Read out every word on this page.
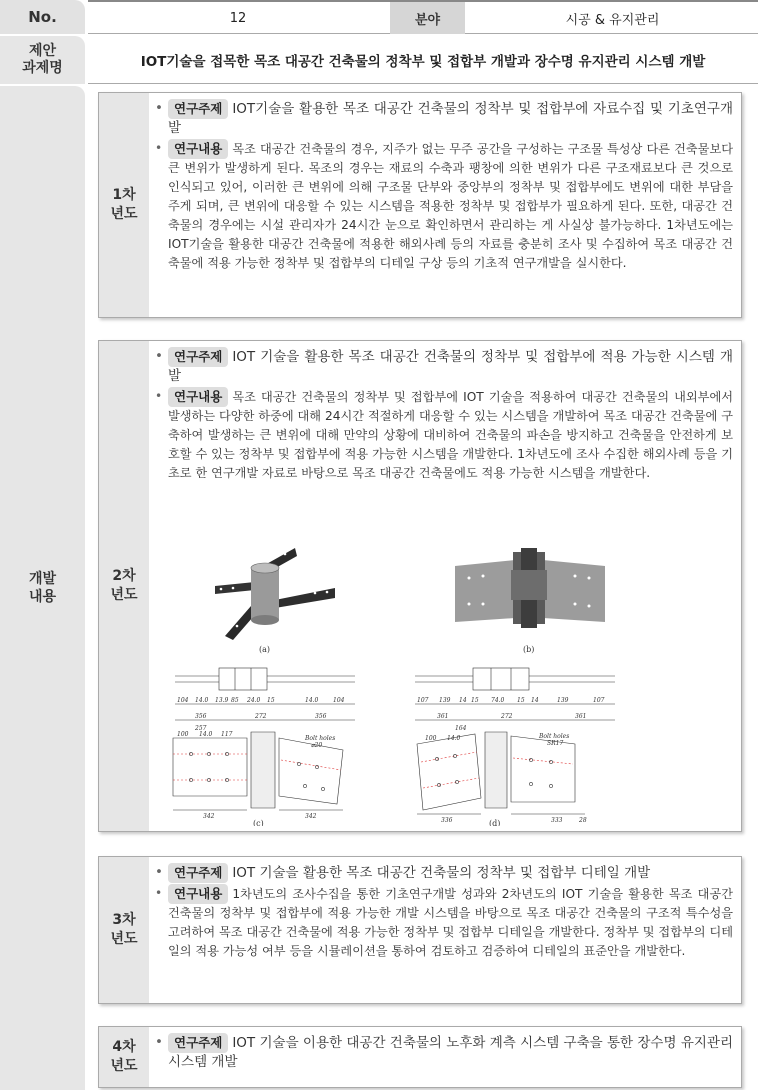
No.	12	분야	시공 & 유지관리
제안
과제명	IOT기술을 접목한 목조 대공간 건축물의 정착부 및 접합부 개발과 장수명 유지관리 시스템 개발
개발
내용
1차
년도
• 연구주제 IOT기술을 활용한 목조 대공간 건축물의 정착부 및 접합부에 자료수집 및 기초연구개발
• 연구내용 목조 대공간 건축물의 경우, 지주가 없는 무주 공간을 구성하는 구조물 특성상 다른 건축물보다 큰 변위가 발생하게 된다. 목조의 경우는 재료의 수축과 팽창에 의한 변위가 다른 구조재료보다 큰 것으로 인식되고 있어, 이러한 큰 변위에 의해 구조물 단부와 중앙부의 정착부 및 접합부에도 변위에 대한 부담을 주게 되며, 큰 변위에 대응할 수 있는 시스템을 적용한 정착부 및 접합부가 필요하게 된다. 또한, 대공간 건축물의 경우에는 시설 관리자가 24시간 눈으로 확인하면서 관리하는 게 사실상 불가능하다. 1차년도에는 IOT기술을 활용한 대공간 건축물에 적용한 해외사례 등의 자료를 충분히 조사 및 수집하여 목조 대공간 건축물에 적용 가능한 정착부 및 접합부의 디테일 구상 등의 기초적 연구개발을 실시한다.
2차
년도
• 연구주제 IOT 기술을 활용한 목조 대공간 건축물의 정착부 및 접합부에 적용 가능한 시스템 개발
• 연구내용 목조 대공간 건축물의 정착부 및 접합부에 IOT 기술을 적용하여 대공간 건축물의 내외부에서 발생하는 다양한 하중에 대해 24시간 적절하게 대응할 수 있는 시스템을 개발하여 목조 대공간 건축물에 구축하여 발생하는 큰 변위에 대해 만약의 상황에 대비하여 건축물의 파손을 방지하고 건축물을 안전하게 보호할 수 있는 정착부 및 접합부에 적용 가능한 시스템을 개발한다. 1차년도에 조사 수집한 해외사례 등을 기초로 한 연구개발 자료로 바탕으로 목조 대공간 건축물에도 적용 가능한 시스템을 개발한다.
(a)	(b)
104 14.0 13.9 85 24.0 15	14.0 104
356	272	356
107 139 14 15 74.0 15 14	139	107
361	272	361
257
100 14.0 117
342	342
Bolt holes
⌀20
(c)
164
100 14.0
336	333	28
Bolt holes
SR17
(d)
3차
년도
• 연구주제 IOT 기술을 활용한 목조 대공간 건축물의 정착부 및 접합부 디테일 개발
• 연구내용 1차년도의 조사수집을 통한 기초연구개발 성과와 2차년도의 IOT 기술을 활용한 목조 대공간 건축물의 정착부 및 접합부에 적용 가능한 개발 시스템을 바탕으로 목조 대공간 건축물의 구조적 특수성을 고려하여 목조 대공간 건축물에 적용 가능한 정착부 및 접합부 디테일을 개발한다. 정착부 및 접합부의 디테일의 적용 가능성 여부 등을 시뮬레이션을 통하여 검토하고 검증하여 디테일의 표준안을 개발한다.
4차
년도
• 연구주제 IOT 기술을 이용한 대공간 건축물의 노후화 계측 시스템 구축을 통한 장수명 유지관리 시스템 개발
